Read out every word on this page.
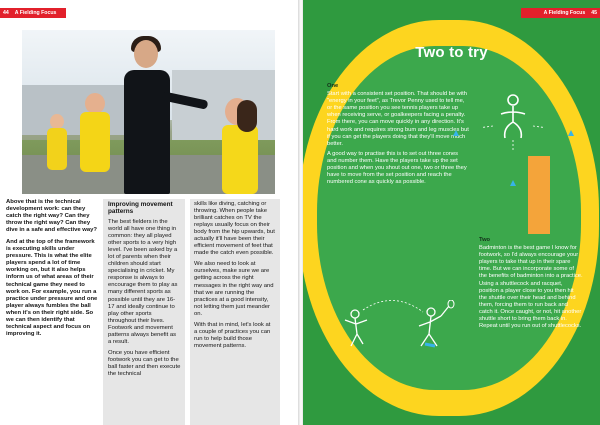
44 A Fielding Focus

Above that is the technical development work: can they catch the right way? Can they throw the right way? Can they dive in a safe and effective way?

And at the top of the framework is executing skills under pressure. This is what the elite players spend a lot of time working on, but it also helps inform us of what areas of their technical game they need to work on. For example, you run a practice under pressure and one player always fumbles the ball when it's on their right side. So we can then identify that technical aspect and focus on improving it.

Improving movement patterns

The best fielders in the world all have one thing in common: they all played other sports to a very high level. I've been asked by a lot of parents when their children should start specialising in cricket. My response is always to encourage them to play as many different sports as possible until they are 16-17 and ideally continue to play other sports throughout their lives. Footwork and movement patterns always benefit as a result.

Once you have efficient footwork you can get to the ball faster and then execute the technical

skills like diving, catching or throwing. When people take brilliant catches on TV the replays usually focus on their body from the hip upwards, but actually it'll have been their efficient movement of feet that made the catch even possible.

We also need to look at ourselves, make sure we are getting across the right messages in the right way and that we are running the practices at a good intensity, not letting them just meander on.

With that in mind, let's look at a couple of practices you can run to help build those movement patterns.

A Fielding Focus 45
Two to try

One

Start with a consistent set position. That should be with "energy in your feet", as Trevor Penny used to tell me, or the same position you see tennis players take up when receiving serve, or goalkeepers facing a penalty. From there, you can move quickly in any direction. It's hard work and requires strong bum and leg muscles but if you can get the players doing that they'll move much better.

A good way to practise this is to set out three cones and number them. Have the players take up the set position and when you shout out one, two or three they have to move from the set position and reach the numbered cone as quickly as possible.

Two

Badminton is the best game I know for footwork, so I'd always encourage your players to take that up in their spare time. But we can incorporate some of the benefits of badminton into a practice. Using a shuttlecock and racquet, position a player close to you then hit the shuttle over their head and behind them, forcing them to run back and catch it. Once caught, or not, hit another shuttle short to bring them back in. Repeat until you run out of shuttlecocks.
